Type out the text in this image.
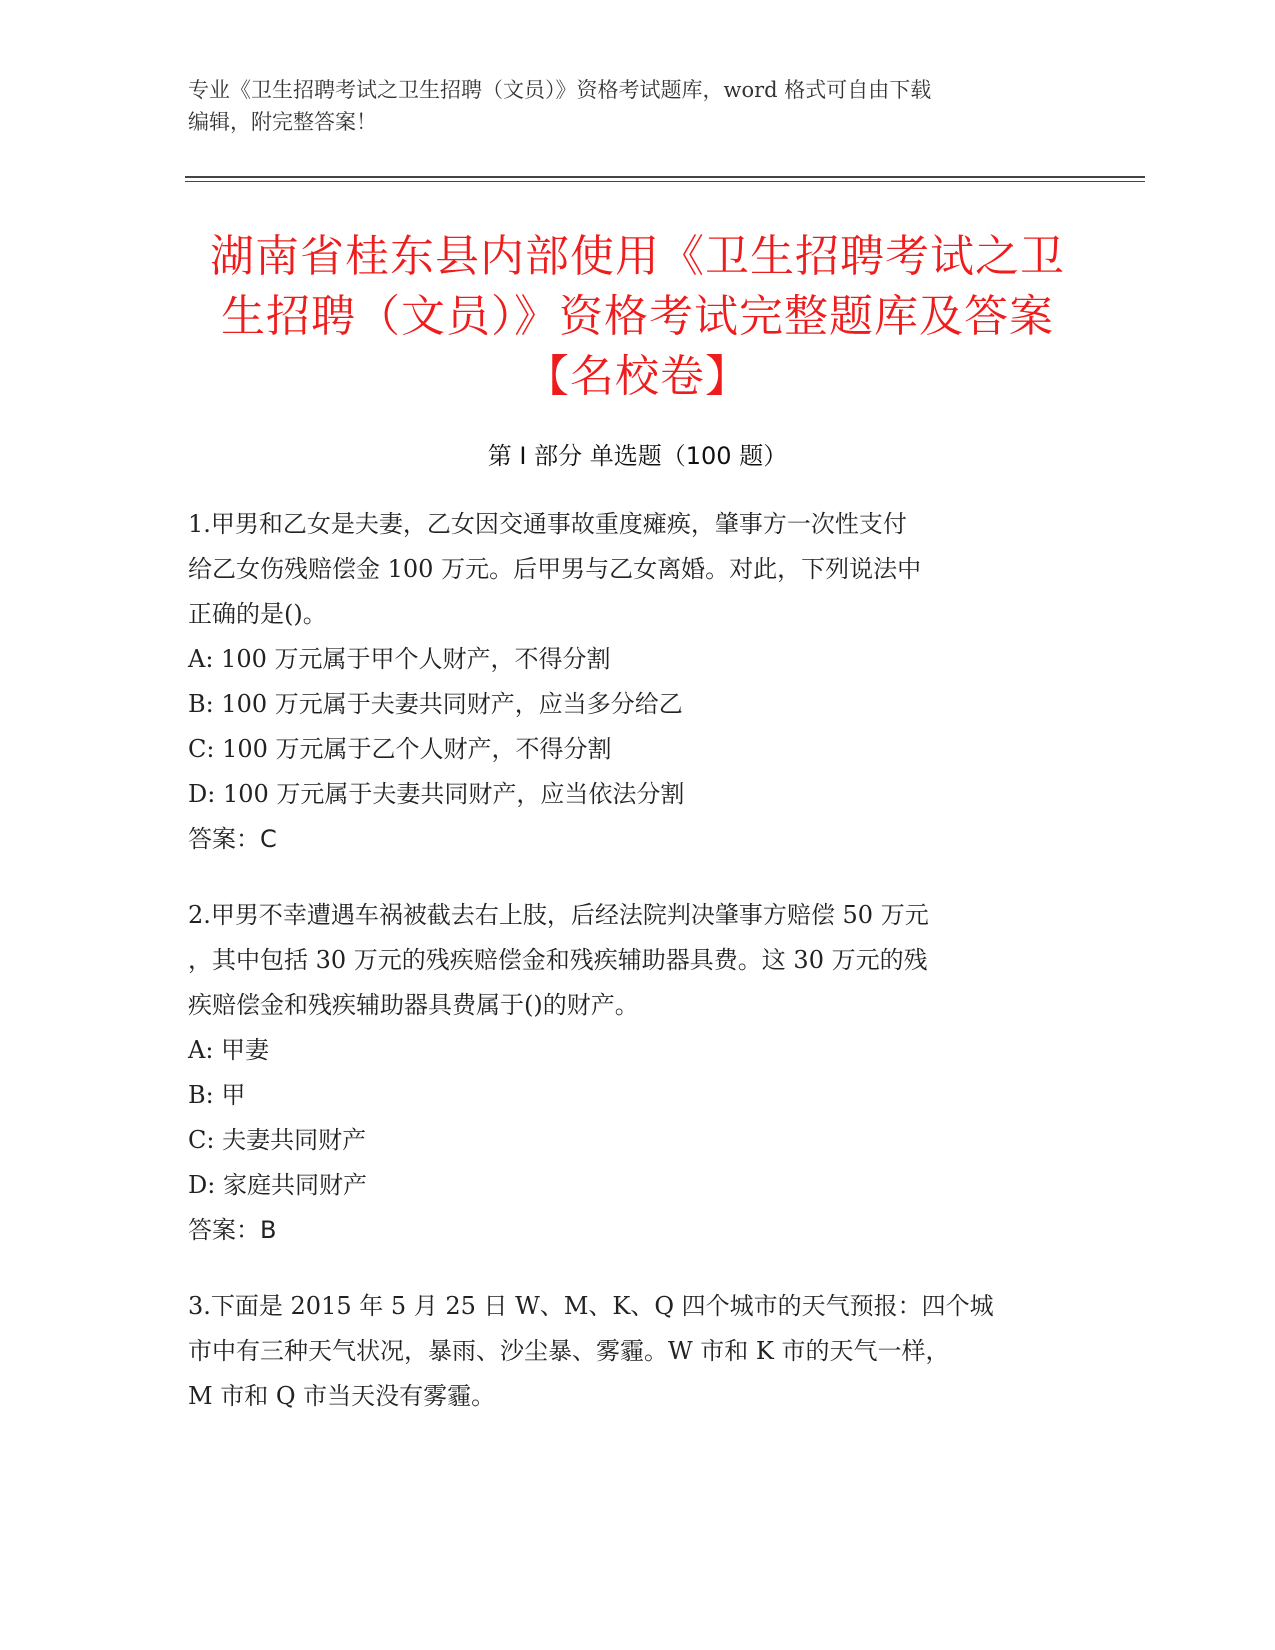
专业《卫生招聘考试之卫生招聘（文员）》资格考试题库，word 格式可自由下载
编辑，附完整答案！
湖南省桂东县内部使用《卫生招聘考试之卫
生招聘（文员）》资格考试完整题库及答案
【名校卷】
第 I 部分 单选题（100 题）

1.甲男和乙女是夫妻，乙女因交通事故重度瘫痪，肇事方一次性支付

给乙女伤残赔偿金 100 万元。后甲男与乙女离婚。对此，下列说法中

正确的是()。

A: 100 万元属于甲个人财产，不得分割

B: 100 万元属于夫妻共同财产，应当多分给乙

C: 100 万元属于乙个人财产，不得分割

D: 100 万元属于夫妻共同财产，应当依法分割

答案：C

2.甲男不幸遭遇车祸被截去右上肢，后经法院判决肇事方赔偿 50 万元

，其中包括 30 万元的残疾赔偿金和残疾辅助器具费。这 30 万元的残

疾赔偿金和残疾辅助器具费属于()的财产。

A: 甲妻

B: 甲

C: 夫妻共同财产

D: 家庭共同财产

答案：B

3.下面是 2015 年 5 月 25 日 W、M、K、Q 四个城市的天气预报：四个城

市中有三种天气状况，暴雨、沙尘暴、雾霾。W 市和 K 市的天气一样，

M 市和 Q 市当天没有雾霾。
